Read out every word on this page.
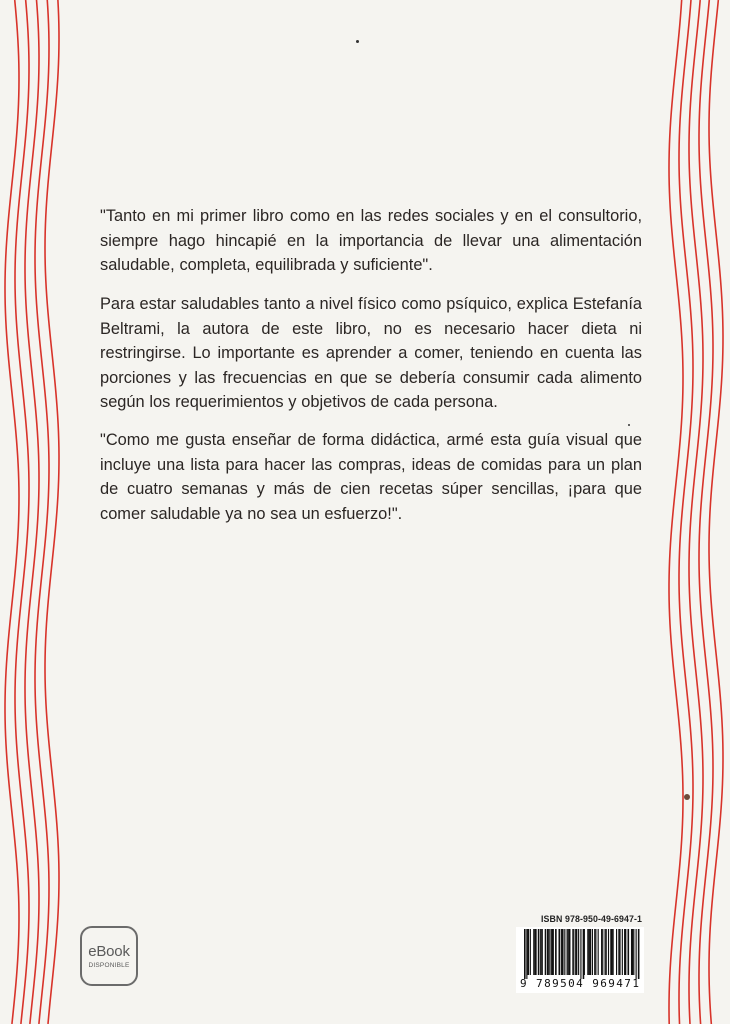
"Tanto en mi primer libro como en las redes sociales y en el consultorio, siempre hago hincapié en la importancia de llevar una alimentación saludable, completa, equilibrada y suficiente".

Para estar saludables tanto a nivel físico como psíquico, explica Estefanía Beltrami, la autora de este libro, no es necesario hacer dieta ni restringirse. Lo importante es aprender a comer, teniendo en cuenta las porciones y las frecuencias en que se debería consumir cada alimento según los requerimientos y objetivos de cada persona.

"Como me gusta enseñar de forma didáctica, armé esta guía visual que incluye una lista para hacer las compras, ideas de comidas para un plan de cuatro semanas y más de cien recetas súper sencillas, ¡para que comer saludable ya no sea un esfuerzo!".

eBook
DISPONIBLE
ISBN 978-950-49-6947-1
9 789504 969471
